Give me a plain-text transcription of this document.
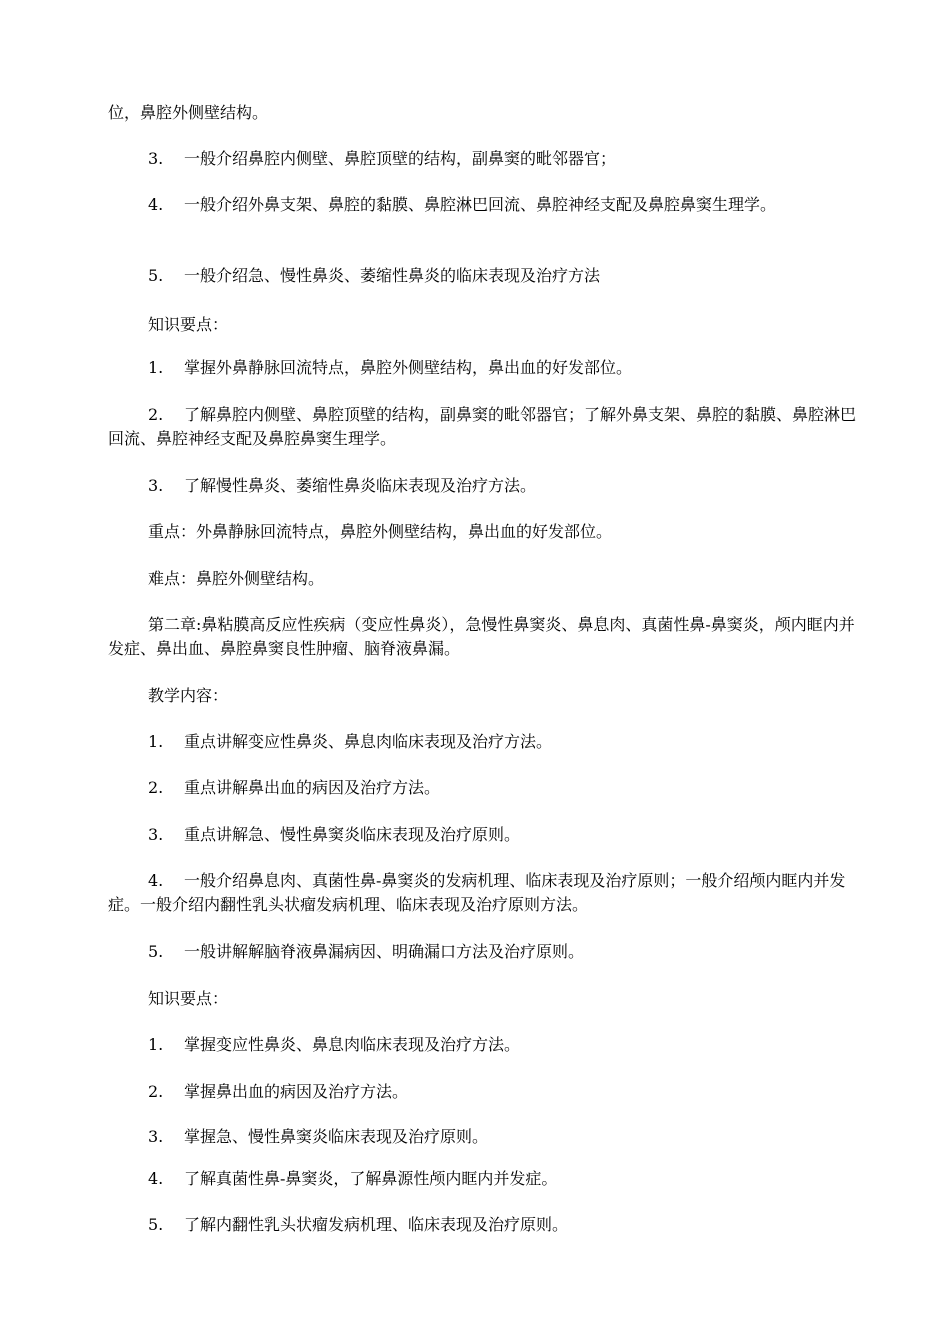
位，鼻腔外侧壁结构。

3. 一般介绍鼻腔内侧壁、鼻腔顶壁的结构，副鼻窦的毗邻器官；

4. 一般介绍外鼻支架、鼻腔的黏膜、鼻腔淋巴回流、鼻腔神经支配及鼻腔鼻窦生理学。

5. 一般介绍急、慢性鼻炎、萎缩性鼻炎的临床表现及治疗方法

知识要点：

1. 掌握外鼻静脉回流特点，鼻腔外侧壁结构，鼻出血的好发部位。

2. 了解鼻腔内侧壁、鼻腔顶壁的结构，副鼻窦的毗邻器官；了解外鼻支架、鼻腔的黏膜、鼻腔淋巴回流、鼻腔神经支配及鼻腔鼻窦生理学。

3. 了解慢性鼻炎、萎缩性鼻炎临床表现及治疗方法。

重点：外鼻静脉回流特点，鼻腔外侧壁结构，鼻出血的好发部位。

难点：鼻腔外侧壁结构。

第二章:鼻粘膜高反应性疾病（变应性鼻炎），急慢性鼻窦炎、鼻息肉、真菌性鼻-鼻窦炎，颅内眶内并发症、鼻出血、鼻腔鼻窦良性肿瘤、脑脊液鼻漏。

教学内容：

1. 重点讲解变应性鼻炎、鼻息肉临床表现及治疗方法。

2. 重点讲解鼻出血的病因及治疗方法。

3. 重点讲解急、慢性鼻窦炎临床表现及治疗原则。

4. 一般介绍鼻息肉、真菌性鼻-鼻窦炎的发病机理、临床表现及治疗原则；一般介绍颅内眶内并发症。一般介绍内翻性乳头状瘤发病机理、临床表现及治疗原则方法。

5. 一般讲解解脑脊液鼻漏病因、明确漏口方法及治疗原则。

知识要点：

1. 掌握变应性鼻炎、鼻息肉临床表现及治疗方法。

2. 掌握鼻出血的病因及治疗方法。

3. 掌握急、慢性鼻窦炎临床表现及治疗原则。

4. 了解真菌性鼻-鼻窦炎，了解鼻源性颅内眶内并发症。

5. 了解内翻性乳头状瘤发病机理、临床表现及治疗原则。
